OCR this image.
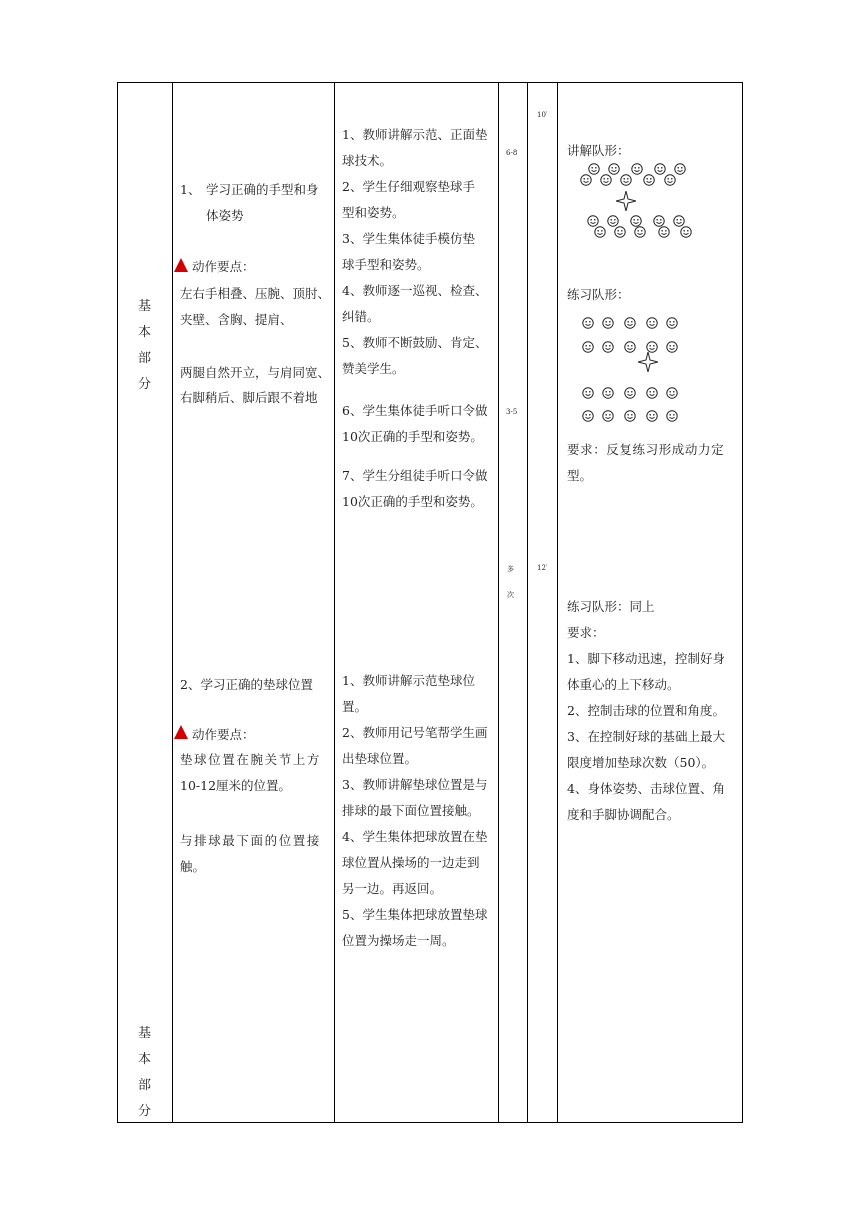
基
本
部
分
基
本
部
分
1、 学习正确的手型和身
体姿势
动作要点：
左右手相叠、压腕、顶肘、
夹壁、含胸、提肩、
两腿自然开立，与肩同宽、
右脚稍后、脚后跟不着地
2、学习正确的垫球位置
动作要点：
垫球位置在腕关节上方
10-12厘米的位置。
与排球最下面的位置接
触。
1、教师讲解示范、正面垫
球技术。
2、学生仔细观察垫球手
型和姿势。
3、学生集体徒手模仿垫
球手型和姿势。
4、教师逐一巡视、检查、
纠错。
5、教师不断鼓励、肯定、
赞美学生。
6、学生集体徒手听口令做
10次正确的手型和姿势。
7、学生分组徒手听口令做
10次正确的手型和姿势。
1、教师讲解示范垫球位
置。
2、教师用记号笔帮学生画
出垫球位置。
3、教师讲解垫球位置是与
排球的最下面位置接触。
4、学生集体把球放置在垫
球位置从操场的一边走到
另一边。再返回。
5、学生集体把球放置垫球
位置为操场走一周。
6-8
3-5
多
次
10′
12′
讲解队形：
练习队形：
要求：反复练习形成动力定
型。
练习队形：同上
要求：
1、脚下移动迅速，控制好身
体重心的上下移动。
2、控制击球的位置和角度。
3、在控制好球的基础上最大
限度增加垫球次数（50）。
4、身体姿势、击球位置、角
度和手脚协调配合。
